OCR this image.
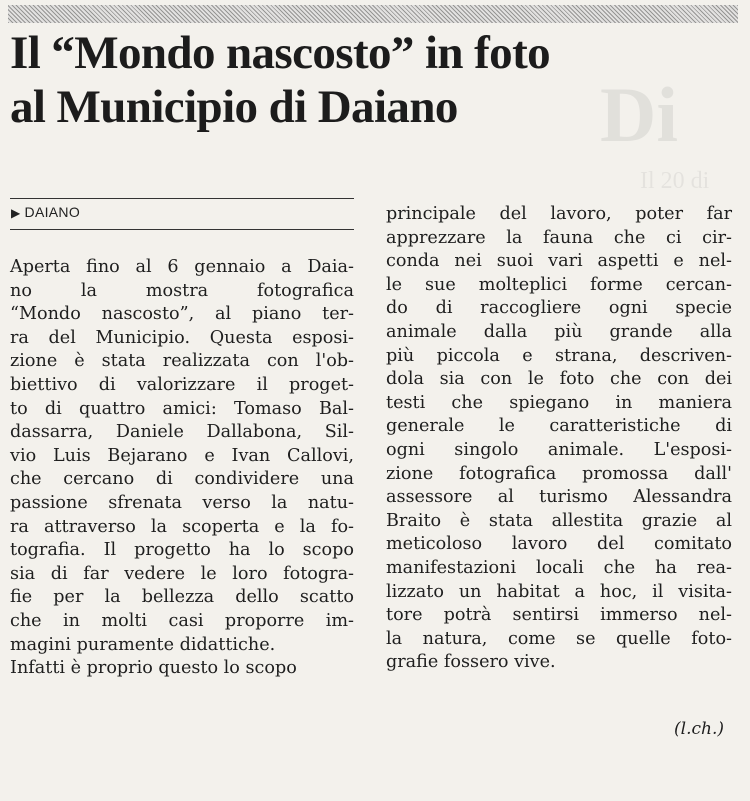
Di
Il 20 di
Il “Mondo nascosto” in foto
al Municipio di Daiano
▶ DAIANO
Aperta fino al 6 gennaio a Daia-
no la mostra fotografica
“Mondo nascosto”, al piano ter-
ra del Municipio. Questa esposi-
zione è stata realizzata con l'ob-
biettivo di valorizzare il proget-
to di quattro amici: Tomaso Bal-
dassarra, Daniele Dallabona, Sil-
vio Luis Bejarano e Ivan Callovi,
che cercano di condividere una
passione sfrenata verso la natu-
ra attraverso la scoperta e la fo-
tografia. Il progetto ha lo scopo
sia di far vedere le loro fotogra-
fie per la bellezza dello scatto
che in molti casi proporre im-
magini puramente didattiche.
Infatti è proprio questo lo scopo
principale del lavoro, poter far
apprezzare la fauna che ci cir-
conda nei suoi vari aspetti e nel-
le sue molteplici forme cercan-
do di raccogliere ogni specie
animale dalla più grande alla
più piccola e strana, descriven-
dola sia con le foto che con dei
testi che spiegano in maniera
generale le caratteristiche di
ogni singolo animale. L'esposi-
zione fotografica promossa dall'
assessore al turismo Alessandra
Braito è stata allestita grazie al
meticoloso lavoro del comitato
manifestazioni locali che ha rea-
lizzato un habitat a hoc, il visita-
tore potrà sentirsi immerso nel-
la natura, come se quelle foto-
grafie fossero vive.
(l.ch.)
